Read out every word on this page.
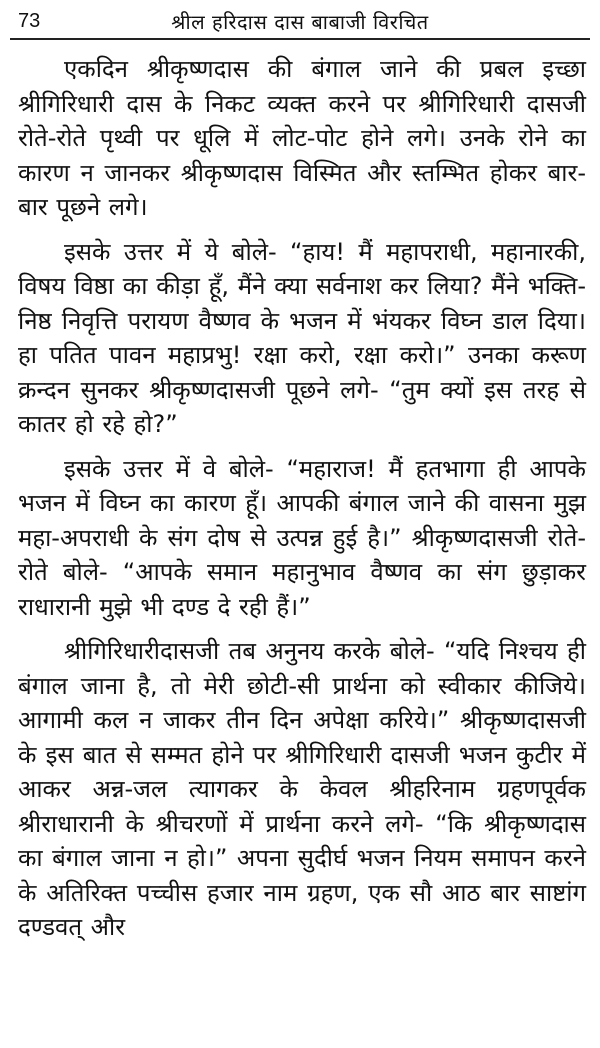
73	श्रील हरिदास दास बाबाजी विरचित

एकदिन श्रीकृष्णदास की बंगाल जाने की प्रबल इच्छा श्रीगिरिधारी दास के निकट व्यक्त करने पर श्रीगिरिधारी दासजी रोते-रोते पृथ्वी पर धूलि में लोट-पोट होने लगे। उनके रोने का कारण न जानकर श्रीकृष्णदास विस्मित और स्तम्भित होकर बार-बार पूछने लगे।

इसके उत्तर में ये बोले- “हाय! मैं महापराधी, महानारकी, विषय विष्ठा का कीड़ा हूँ, मैंने क्या सर्वनाश कर लिया? मैंने भक्ति-निष्ठ निवृत्ति परायण वैष्णव के भजन में भंयकर विघ्न डाल दिया। हा पतित पावन महाप्रभु! रक्षा करो, रक्षा करो।” उनका करूण क्रन्दन सुनकर श्रीकृष्णदासजी पूछने लगे- “तुम क्यों इस तरह से कातर हो रहे हो?”

इसके उत्तर में वे बोले- “महाराज! मैं हतभागा ही आपके भजन में विघ्न का कारण हूँ। आपकी बंगाल जाने की वासना मुझ महा-अपराधी के संग दोष से उत्पन्न हुई है।” श्रीकृष्णदासजी रोते-रोते बोले- “आपके समान महानुभाव वैष्णव का संग छुड़ाकर राधारानी मुझे भी दण्ड दे रही हैं।”

श्रीगिरिधारीदासजी तब अनुनय करके बोले- “यदि निश्चय ही बंगाल जाना है, तो मेरी छोटी-सी प्रार्थना को स्वीकार कीजिये। आगामी कल न जाकर तीन दिन अपेक्षा करिये।” श्रीकृष्णदासजी के इस बात से सम्मत होने पर श्रीगिरिधारी दासजी भजन कुटीर में आकर अन्न-जल त्यागकर के केवल श्रीहरिनाम ग्रहणपूर्वक श्रीराधारानी के श्रीचरणों में प्रार्थना करने लगे- “कि श्रीकृष्णदास का बंगाल जाना न हो।” अपना सुदीर्घ भजन नियम समापन करने के अतिरिक्त पच्चीस हजार नाम ग्रहण, एक सौ आठ बार साष्टांग दण्डवत् और
